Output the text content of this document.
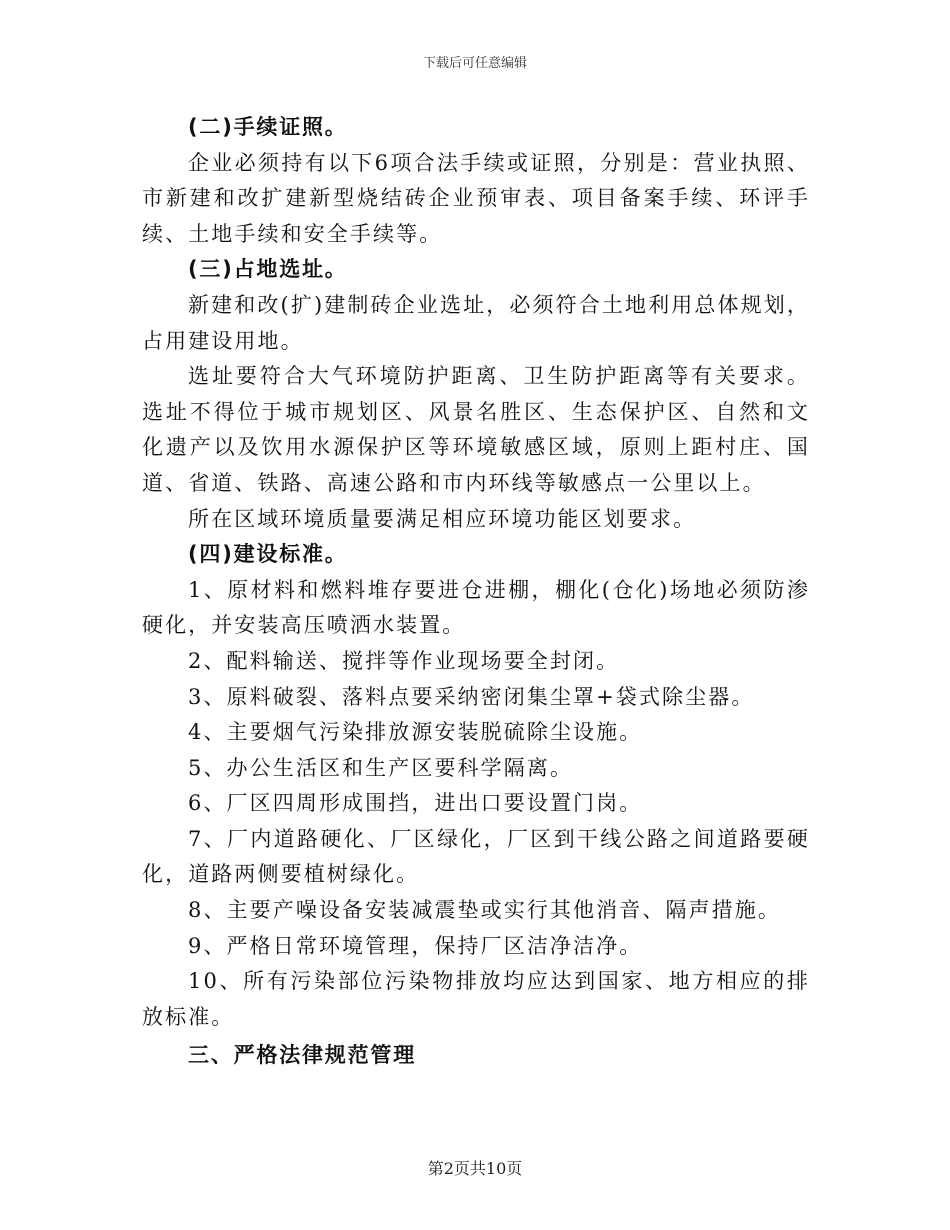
下载后可任意编辑

(二)手续证照。

企业必须持有以下6项合法手续或证照，分别是：营业执照、市新建和改扩建新型烧结砖企业预审表、项目备案手续、环评手续、土地手续和安全手续等。

(三)占地选址。

新建和改(扩)建制砖企业选址，必须符合土地利用总体规划，占用建设用地。

选址要符合大气环境防护距离、卫生防护距离等有关要求。选址不得位于城市规划区、风景名胜区、生态保护区、自然和文化遗产以及饮用水源保护区等环境敏感区域，原则上距村庄、国道、省道、铁路、高速公路和市内环线等敏感点一公里以上。

所在区域环境质量要满足相应环境功能区划要求。

(四)建设标准。

1、原材料和燃料堆存要进仓进棚，棚化(仓化)场地必须防渗硬化，并安装高压喷洒水装置。

2、配料输送、搅拌等作业现场要全封闭。

3、原料破裂、落料点要采纳密闭集尘罩+袋式除尘器。

4、主要烟气污染排放源安装脱硫除尘设施。

5、办公生活区和生产区要科学隔离。

6、厂区四周形成围挡，进出口要设置门岗。

7、厂内道路硬化、厂区绿化，厂区到干线公路之间道路要硬化，道路两侧要植树绿化。

8、主要产噪设备安装减震垫或实行其他消音、隔声措施。

9、严格日常环境管理，保持厂区洁净洁净。

10、所有污染部位污染物排放均应达到国家、地方相应的排放标准。

三、严格法律规范管理

第2页共10页
